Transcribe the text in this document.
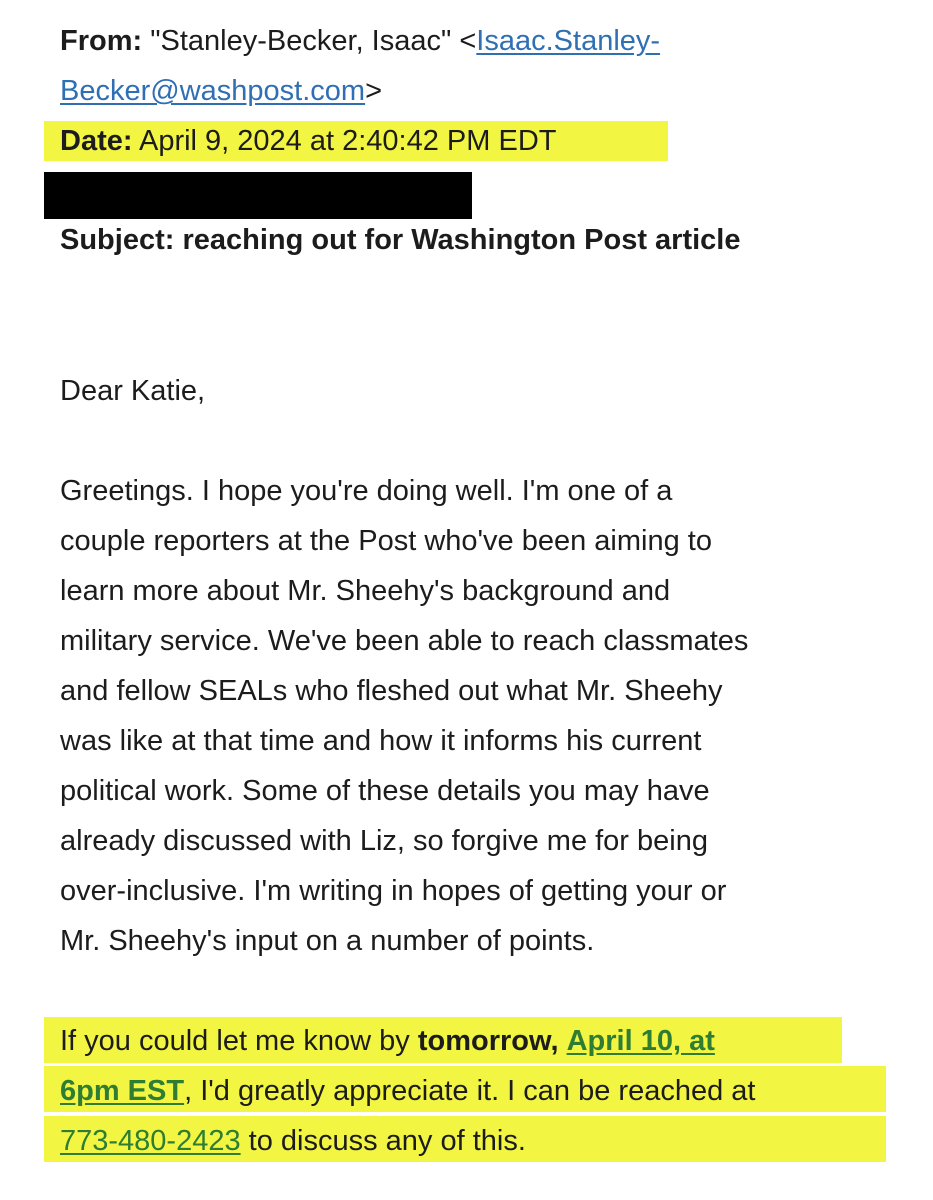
From: "Stanley-Becker, Isaac" <Isaac.Stanley-
Becker@washpost.com>
Date: April 9, 2024 at 2:40:42 PM EDT
Subject: reaching out for Washington Post article
Dear Katie,
Greetings. I hope you're doing well. I'm one of a
couple reporters at the Post who've been aiming to
learn more about Mr. Sheehy's background and
military service. We've been able to reach classmates
and fellow SEALs who fleshed out what Mr. Sheehy
was like at that time and how it informs his current
political work. Some of these details you may have
already discussed with Liz, so forgive me for being
over-inclusive. I'm writing in hopes of getting your or
Mr. Sheehy's input on a number of points.
If you could let me know by tomorrow, April 10, at
6pm EST, I'd greatly appreciate it. I can be reached at
773-480-2423 to discuss any of this.
